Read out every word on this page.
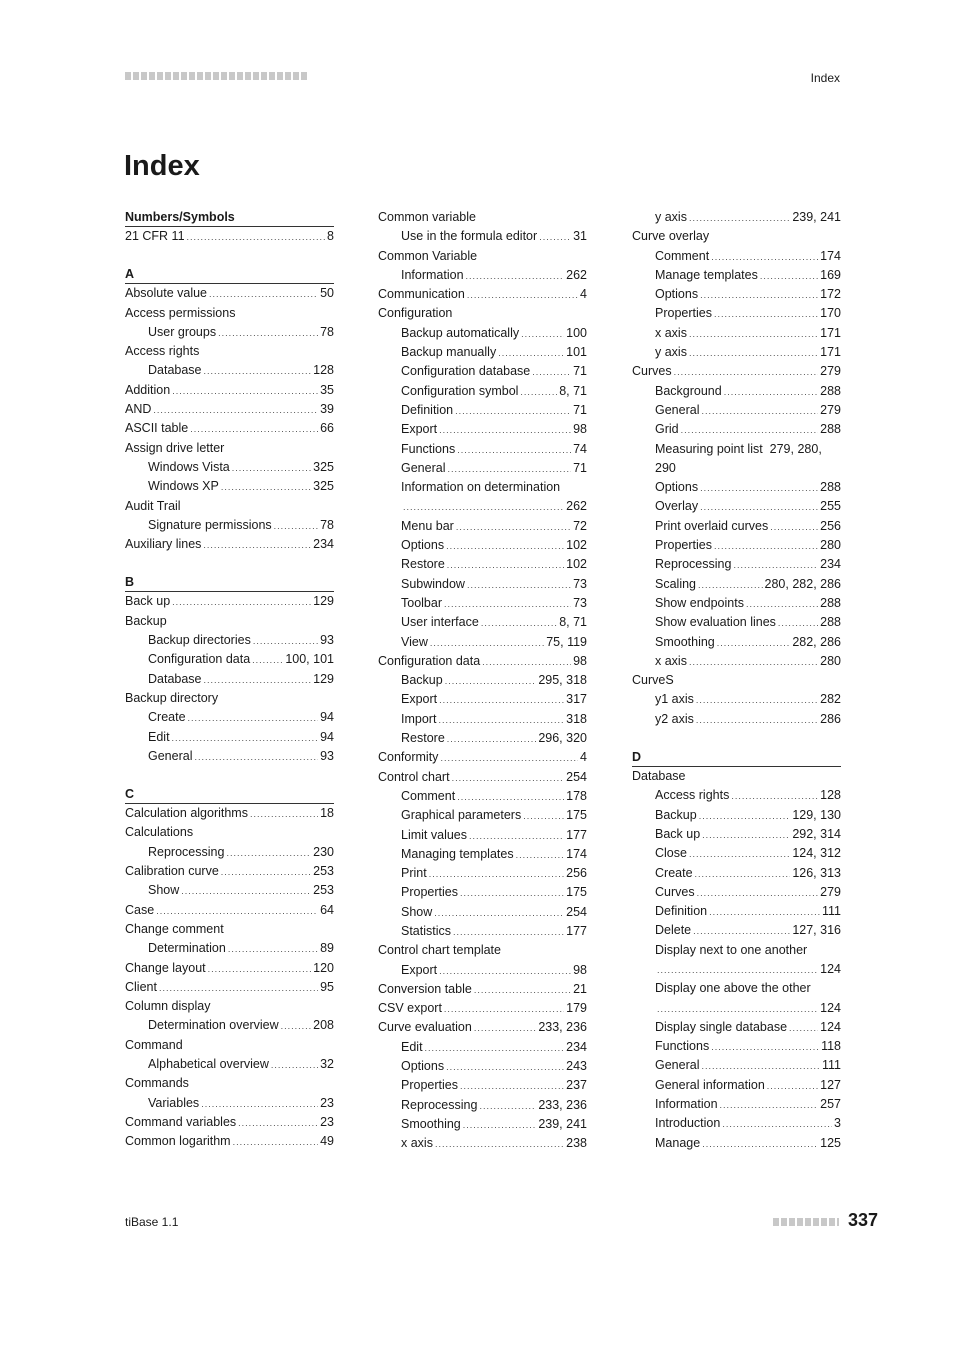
Index
Index
Numbers/Symbols
21 CFR 11 .....	8
A
Absolute value .....	50
Access permissions
User groups .....	78
Access rights
Database .....	128
Addition .....	35
AND .....	39
ASCII table .....	66
Assign drive letter
Windows Vista .....	325
Windows XP .....	325
Audit Trail
Signature permissions .....	78
Auxiliary lines .....	234
B
Back up .....	129
Backup
Backup directories .....	93
Configuration data .....	100, 101
Database .....	129
Backup directory
Create .....	94
Edit .....	94
General .....	93
C
Calculation algorithms .....	18
Calculations
Reprocessing .....	230
Calibration curve .....	253
Show .....	253
Case .....	64
Change comment
Determination .....	89
Change layout .....	120
Client .....	95
Column display
Determination overview .....	208
Command
Alphabetical overview .....	32
Commands
Variables .....	23
Command variables .....	23
Common logarithm .....	49
Common variable
Use in the formula editor .....	31
Common Variable
Information .....	262
Communication .....	4
Configuration
Backup automatically .....	100
Backup manually .....	101
Configuration database .....	71
Configuration symbol .....	8, 71
Definition .....	71
Export .....	98
Functions .....	74
General .....	71
Information on determination
.....
262
Menu bar .....	72
Options .....	102
Restore .....	102
Subwindow .....	73
Toolbar .....	73
User interface .....	8, 71
View .....	75, 119
Configuration data .....	98
Backup .....	295, 318
Export .....	317
Import .....	318
Restore .....	296, 320
Conformity .....	4
Control chart .....	254
Comment .....	178
Graphical parameters .....	175
Limit values .....	177
Managing templates .....	174
Print .....	256
Properties .....	175
Show .....	254
Statistics .....	177
Control chart template
Export .....	98
Conversion table .....	21
CSV export .....	179
Curve evaluation .....	233, 236
Edit .....	234
Options .....	243
Properties .....	237
Reprocessing .....	233, 236
Smoothing .....	239, 241
x axis .....	238
y axis .....	239, 241
Curve overlay
Comment .....	174
Manage templates .....	169
Options .....	172
Properties .....	170
x axis .....	171
y axis .....	171
Curves .....	279
Background .....	288
General .....	279
Grid .....	288
Measuring point list 279, 280, 290
Options .....	288
Overlay .....	255
Print overlaid curves .....	256
Properties .....	280
Reprocessing .....	234
Scaling .....	280, 282, 286
Show endpoints .....	288
Show evaluation lines .....	288
Smoothing .....	282, 286
x axis .....	280
CurveS
y1 axis .....	282
y2 axis .....	286
D
Database
Access rights .....	128
Backup .....	129, 130
Back up .....	292, 314
Close .....	124, 312
Create .....	126, 313
Curves .....	279
Definition .....	111
Delete .....	127, 316
Display next to one another
.....
124
Display one above the other
.....
124
Display single database .....	124
Functions .....	118
General .....	111
General information .....	127
Information .....	257
Introduction .....	3
Manage .....	125
tiBase 1.1	337
